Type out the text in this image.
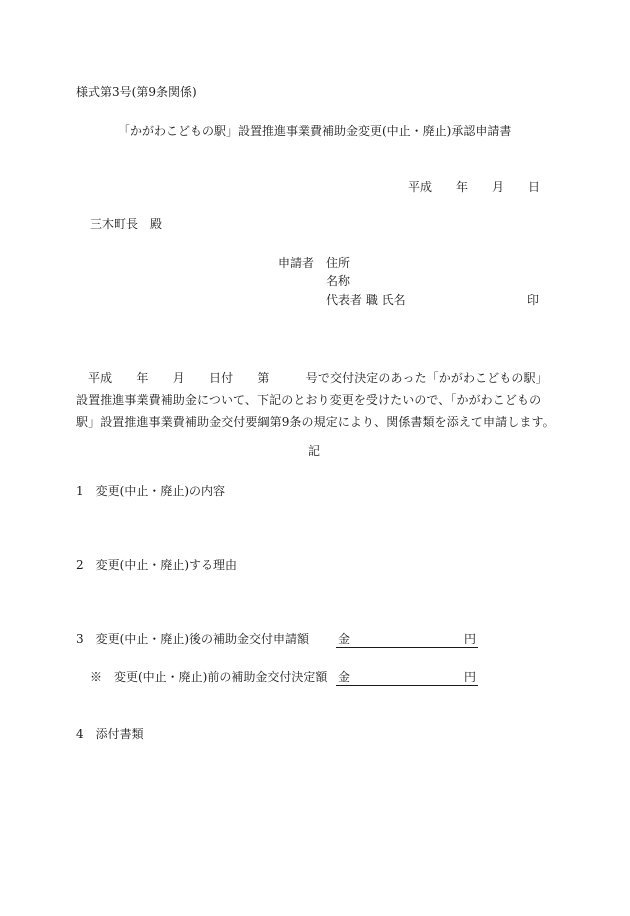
様式第3号(第9条関係)
「かがわこどもの駅」設置推進事業費補助金変更(中止・廃止)承認申請書
平成　　年　　月　　日
三木町長　殿
申請者 住所
名称
代表者 職 氏名	印
平成　　年　　月　　日付　　第　　　号で交付決定のあった「かがわこどもの駅」設置推進事業費補助金について、下記のとおり変更を受けたいので、「かがわこどもの駅」設置推進事業費補助金交付要綱第9条の規定により、関係書類を添えて申請します。
記
1　変更(中止・廃止)の内容
2　変更(中止・廃止)する理由
3　変更(中止・廃止)後の補助金交付申請額 金	円
※　変更(中止・廃止)前の補助金交付決定額 金	円
4　添付書類
